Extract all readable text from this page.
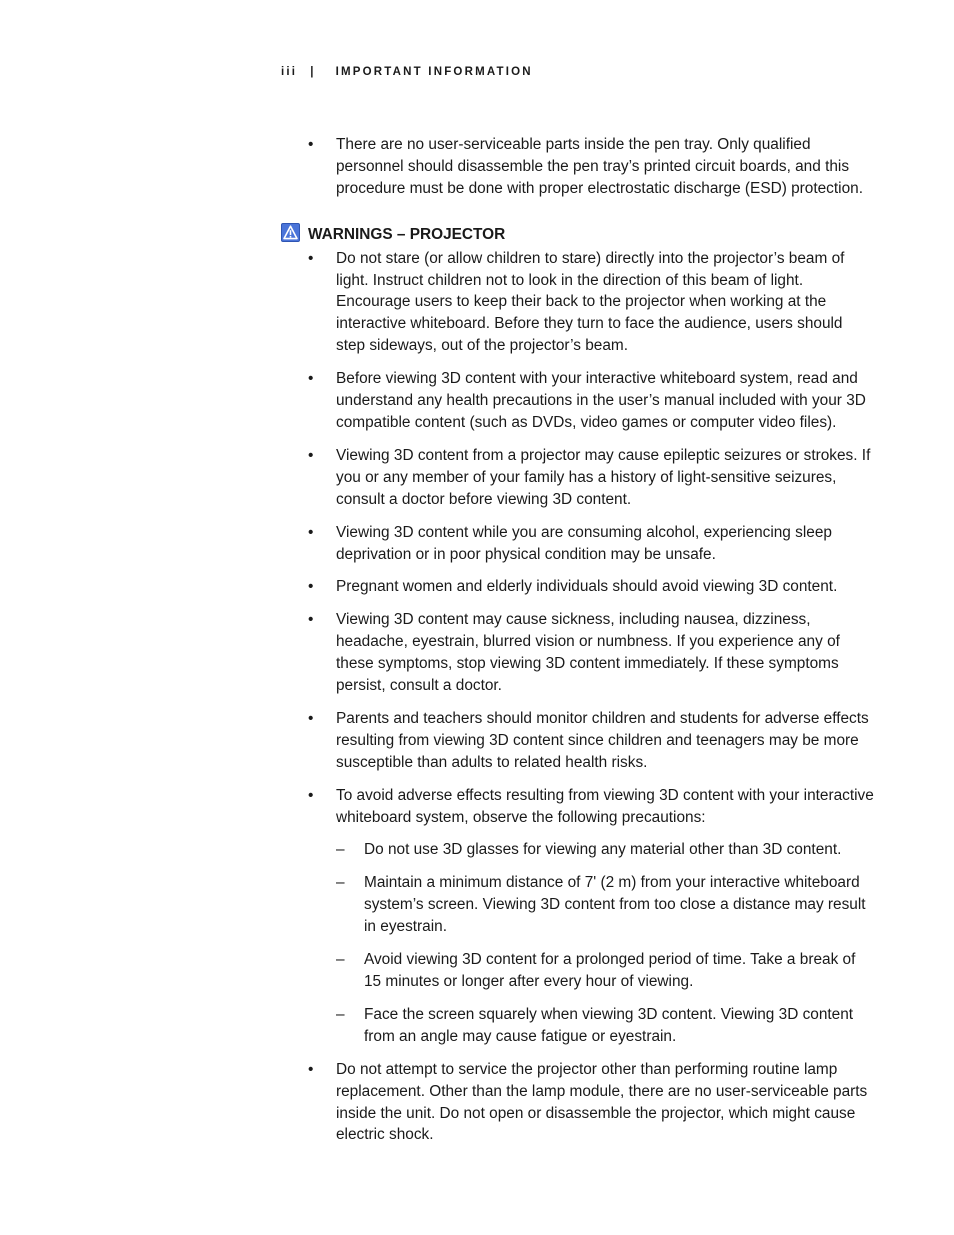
iii | IMPORTANT INFORMATION
• There are no user-serviceable parts inside the pen tray. Only qualified personnel should disassemble the pen tray’s printed circuit boards, and this procedure must be done with proper electrostatic discharge (ESD) protection.
WARNINGS – PROJECTOR
• Do not stare (or allow children to stare) directly into the projector’s beam of light. Instruct children not to look in the direction of this beam of light. Encourage users to keep their back to the projector when working at the interactive whiteboard. Before they turn to face the audience, users should step sideways, out of the projector’s beam.
• Before viewing 3D content with your interactive whiteboard system, read and understand any health precautions in the user’s manual included with your 3D compatible content (such as DVDs, video games or computer video files).
• Viewing 3D content from a projector may cause epileptic seizures or strokes. If you or any member of your family has a history of light-sensitive seizures, consult a doctor before viewing 3D content.
• Viewing 3D content while you are consuming alcohol, experiencing sleep deprivation or in poor physical condition may be unsafe.
• Pregnant women and elderly individuals should avoid viewing 3D content.
• Viewing 3D content may cause sickness, including nausea, dizziness, headache, eyestrain, blurred vision or numbness. If you experience any of these symptoms, stop viewing 3D content immediately. If these symptoms persist, consult a doctor.
• Parents and teachers should monitor children and students for adverse effects resulting from viewing 3D content since children and teenagers may be more susceptible than adults to related health risks.
• To avoid adverse effects resulting from viewing 3D content with your interactive whiteboard system, observe the following precautions:
– Do not use 3D glasses for viewing any material other than 3D content.
– Maintain a minimum distance of 7' (2 m) from your interactive whiteboard system’s screen. Viewing 3D content from too close a distance may result in eyestrain.
– Avoid viewing 3D content for a prolonged period of time. Take a break of 15 minutes or longer after every hour of viewing.
– Face the screen squarely when viewing 3D content. Viewing 3D content from an angle may cause fatigue or eyestrain.
• Do not attempt to service the projector other than performing routine lamp replacement. Other than the lamp module, there are no user-serviceable parts inside the unit. Do not open or disassemble the projector, which might cause electric shock.
